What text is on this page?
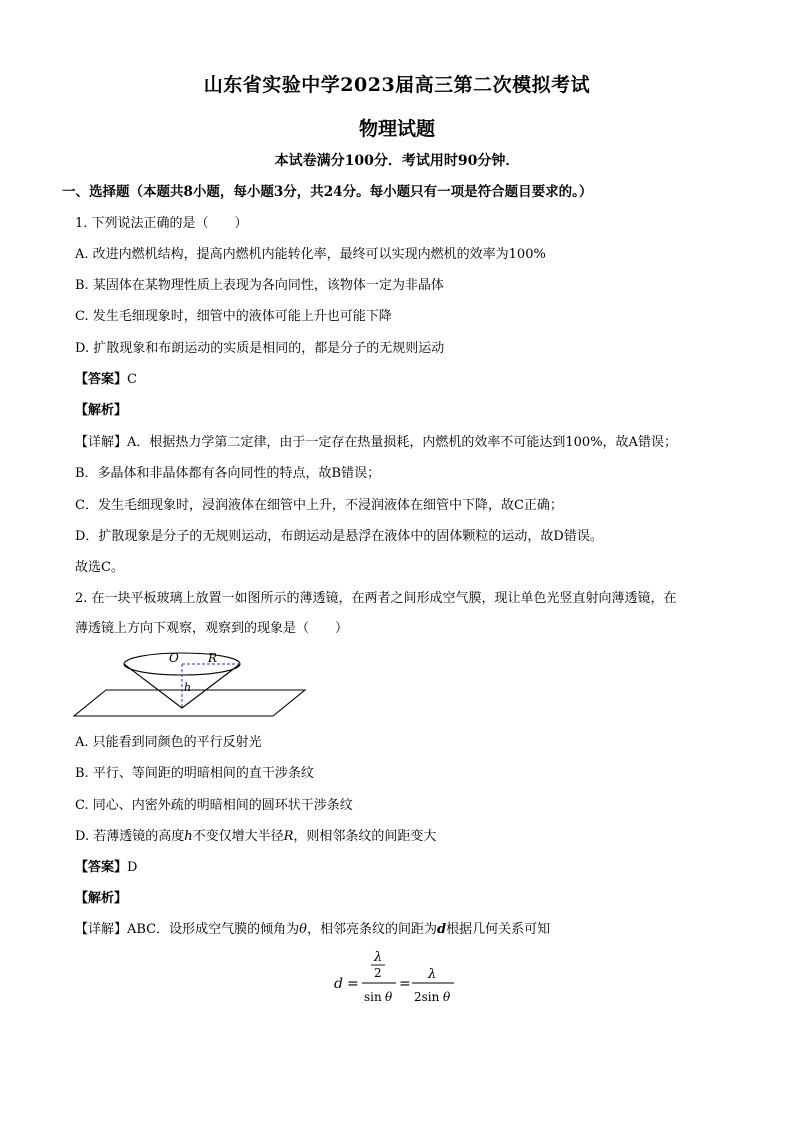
山东省实验中学2023届高三第二次模拟考试
物理试题
本试卷满分100分．考试用时90分钟．
一、选择题（本题共8小题，每小题3分，共24分。每小题只有一项是符合题目要求的。）
1. 下列说法正确的是（　　）
A. 改进内燃机结构，提高内燃机内能转化率，最终可以实现内燃机的效率为100%
B. 某固体在某物理性质上表现为各向同性，该物体一定为非晶体
C. 发生毛细现象时，细管中的液体可能上升也可能下降
D. 扩散现象和布朗运动的实质是相同的，都是分子的无规则运动
【答案】C
【解析】
【详解】A．根据热力学第二定律，由于一定存在热量损耗，内燃机的效率不可能达到100%，故A错误；
B．多晶体和非晶体都有各向同性的特点，故B错误；
C．发生毛细现象时，浸润液体在细管中上升，不浸润液体在细管中下降，故C正确；
D．扩散现象是分子的无规则运动，布朗运动是悬浮在液体中的固体颗粒的运动，故D错误。
故选C。
2. 在一块平板玻璃上放置一如图所示的薄透镜，在两者之间形成空气膜，现让单色光竖直射向薄透镜，在
薄透镜上方向下观察，观察到的现象是（　　）
O R
h
A. 只能看到同颜色的平行反射光
B. 平行、等间距的明暗相间的直干涉条纹
C. 同心、内密外疏的明暗相间的圆环状干涉条纹
D. 若薄透镜的高度h不变仅增大半径R，则相邻条纹的间距变大
【答案】D
【解析】
【详解】ABC．设形成空气膜的倾角为θ，相邻亮条纹的间距为d根据几何关系可知
d =
λ
2
sin θ
=
λ
2sin θ
